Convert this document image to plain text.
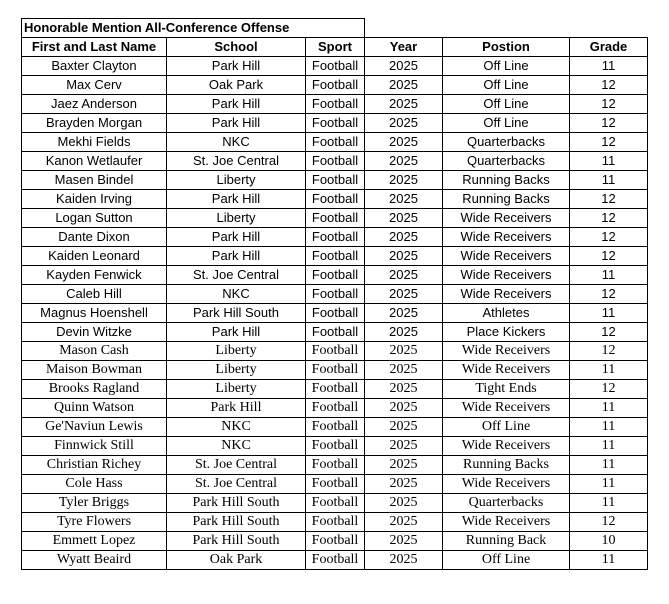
Honorable Mention All-Conference Offense					
First and Last Name	School	Sport	Year	Postion	Grade
Baxter Clayton	Park Hill	Football	2025	Off Line	11
Max Cerv	Oak Park	Football	2025	Off Line	12
Jaez Anderson	Park Hill	Football	2025	Off Line	12
Brayden Morgan	Park Hill	Football	2025	Off Line	12
Mekhi Fields	NKC	Football	2025	Quarterbacks	12
Kanon Wetlaufer	St. Joe Central	Football	2025	Quarterbacks	11
Masen Bindel	Liberty	Football	2025	Running Backs	11
Kaiden Irving	Park Hill	Football	2025	Running Backs	12
Logan Sutton	Liberty	Football	2025	Wide Receivers	12
Dante Dixon	Park Hill	Football	2025	Wide Receivers	12
Kaiden Leonard	Park Hill	Football	2025	Wide Receivers	12
Kayden Fenwick	St. Joe Central	Football	2025	Wide Receivers	11
Caleb Hill	NKC	Football	2025	Wide Receivers	12
Magnus Hoenshell	Park Hill South	Football	2025	Athletes	11
Devin Witzke	Park Hill	Football	2025	Place Kickers	12
Mason Cash	Liberty	Football	2025	Wide Receivers	12
Maison Bowman	Liberty	Football	2025	Wide Receivers	11
Brooks Ragland	Liberty	Football	2025	Tight Ends	12
Quinn Watson	Park Hill	Football	2025	Wide Receivers	11
Ge'Naviun Lewis	NKC	Football	2025	Off Line	11
Finnwick Still	NKC	Football	2025	Wide Receivers	11
Christian Richey	St. Joe Central	Football	2025	Running Backs	11
Cole Hass	St. Joe Central	Football	2025	Wide Receivers	11
Tyler Briggs	Park Hill South	Football	2025	Quarterbacks	11
Tyre Flowers	Park Hill South	Football	2025	Wide Receivers	12
Emmett Lopez	Park Hill South	Football	2025	Running Back	10
Wyatt Beaird	Oak Park	Football	2025	Off Line	11
